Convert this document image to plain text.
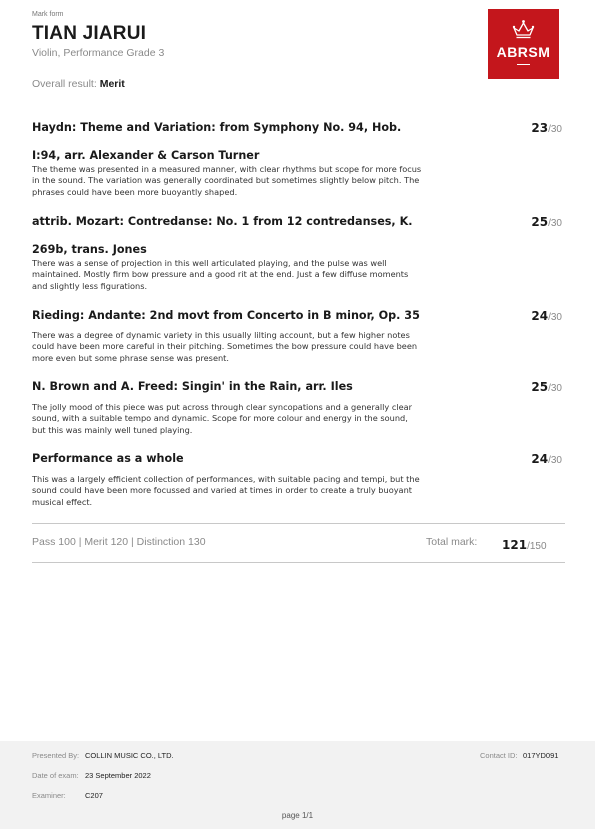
Mark form
TIAN JIARUI
Violin, Performance Grade 3
Overall result: Merit
ABRSM
Haydn: Theme and Variation: from Symphony No. 94, Hob. I:94, arr. Alexander & Carson Turner
23/30
The theme was presented in a measured manner, with clear rhythms but scope for more focus in the sound. The variation was generally coordinated but sometimes slightly below pitch. The phrases could have been more buoyantly shaped.
attrib. Mozart: Contredanse: No. 1 from 12 contredanses, K. 269b, trans. Jones
25/30
There was a sense of projection in this well articulated playing, and the pulse was well maintained. Mostly firm bow pressure and a good rit at the end. Just a few diffuse moments and slightly less figurations.
Rieding: Andante: 2nd movt from Concerto in B minor, Op. 35	24/30
There was a degree of dynamic variety in this usually lilting account, but a few higher notes could have been more careful in their pitching. Sometimes the bow pressure could have been more even but some phrase sense was present.
N. Brown and A. Freed: Singin' in the Rain, arr. Iles	25/30
The jolly mood of this piece was put across through clear syncopations and a generally clear sound, with a suitable tempo and dynamic. Scope for more colour and energy in the sound, but this was mainly well tuned playing.
Performance as a whole	24/30
This was a largely efficient collection of performances, with suitable pacing and tempi, but the sound could have been more focussed and varied at times in order to create a truly buoyant musical effect.
Pass 100 | Merit 120 | Distinction 130	Total mark: 121/150
Presented By: COLLIN MUSIC CO., LTD.	Contact ID: 017YD091
Date of exam: 23 September 2022
Examiner:	C207
page 1/1
